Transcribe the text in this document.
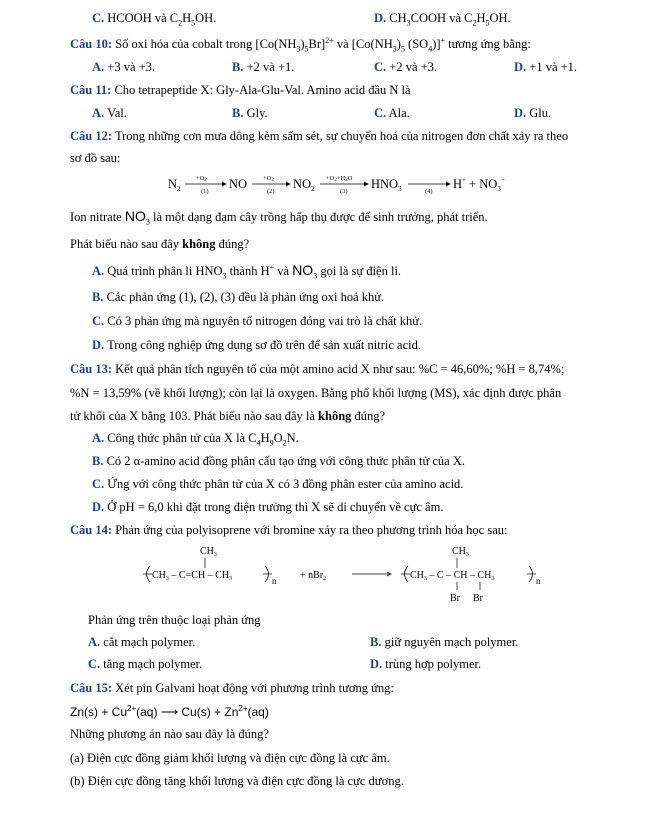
C. HCOOH và $C_2H_5OH$.	D. $CH_3COOH$ và $C_2H_5OH$.
Câu 10: Số oxi hóa của cobalt trong $[Co(NH_3)_5Br]^{2+}$ và [$Co(NH_3)_5$ $(SO_4)]^+$ tương ứng bằng:
A. +3 và +3.	B. +2 và +1.	C. +2 và +3.	D. +1 và +1.
Câu 11: Cho tetrapeptide X: Gly-Ala-Glu-Val. Amino acid đầu N là
A. Val.	B. Gly.	C. Ala.	D. Glu.
Câu 12: Trong những cơn mưa dông kèm sấm sét, sự chuyển hoá của nitrogen đơn chất xảy ra theo
sơ đồ sau:
$N_2$
+O2
(1)
NO +O2
(2)
$NO_2$
+O2+H2O
(3)
$HNO_3$	(4)
$H^+ + NO_3^-$
Ion nitrate $NO_3$ là một dạng đạm cây trồng hấp thụ được để sinh trưởng, phát triển.
Phát biểu nào sau đây không đúng?
A. Quá trình phân li $HNO_3$ thành H+ và $NO_3$ gọi là sự điện li.
B. Các phản ứng (1), (2), (3) đều là phản ứng oxi hoá khử.
C. Có 3 phản ứng mà nguyên tố nitrogen đóng vai trò là chất khử.
D. Trong công nghiệp ứng dụng sơ đồ trên để sản xuất nitric acid.
Câu 13: Kết quả phân tích nguyên tố của một amino acid X như sau: %C = 46,60%; %H = 8,74%;
%N = 13,59% (về khối lượng); còn lại là oxygen. Bằng phổ khối lượng (MS), xác định được phân
tử khối của X bằng 103. Phát biểu nào sau đây là không đúng?
A. Công thức phân tử của X là $C_4H_9O_2N$.
B. Có 2 α-amino acid đồng phân cấu tạo ứng với công thức phân tử của X.
C. Ứng với công thức phân tử của X có 3 đồng phân ester của amino acid.
D. Ở pH = 6,0 khi đặt trong điện trường thì X sẽ di chuyển về cực âm.
Câu 14: Phản ứng của polyisoprene với bromine xảy ra theo phương trình hóa học sau:
$CH_3$
$CH_3 - C=CH - CH_3$	n + nBr$_2$
$CH_3$
$CH_3$ – C – CH – $CH_3$	n
Br Br
Phản ứng trên thuộc loại phản ứng
A. cắt mạch polymer.	B. giữ nguyên mạch polymer.
C. tăng mạch polymer.	D. trùng hợp polymer.
Câu 15: Xét pin Galvani hoạt động với phương trình tương ứng:
$Zn(s) + Cu^{2+}(aq)$ ⟶ $Cu(s) + Zn^{2+}(aq)$
Những phương án nào sau đây là đúng?
(a) Điện cực đồng giảm khối lượng và điện cực đồng là cực âm.
(b) Điện cực đồng tăng khối lượng và điện cực đồng là cực dương.
